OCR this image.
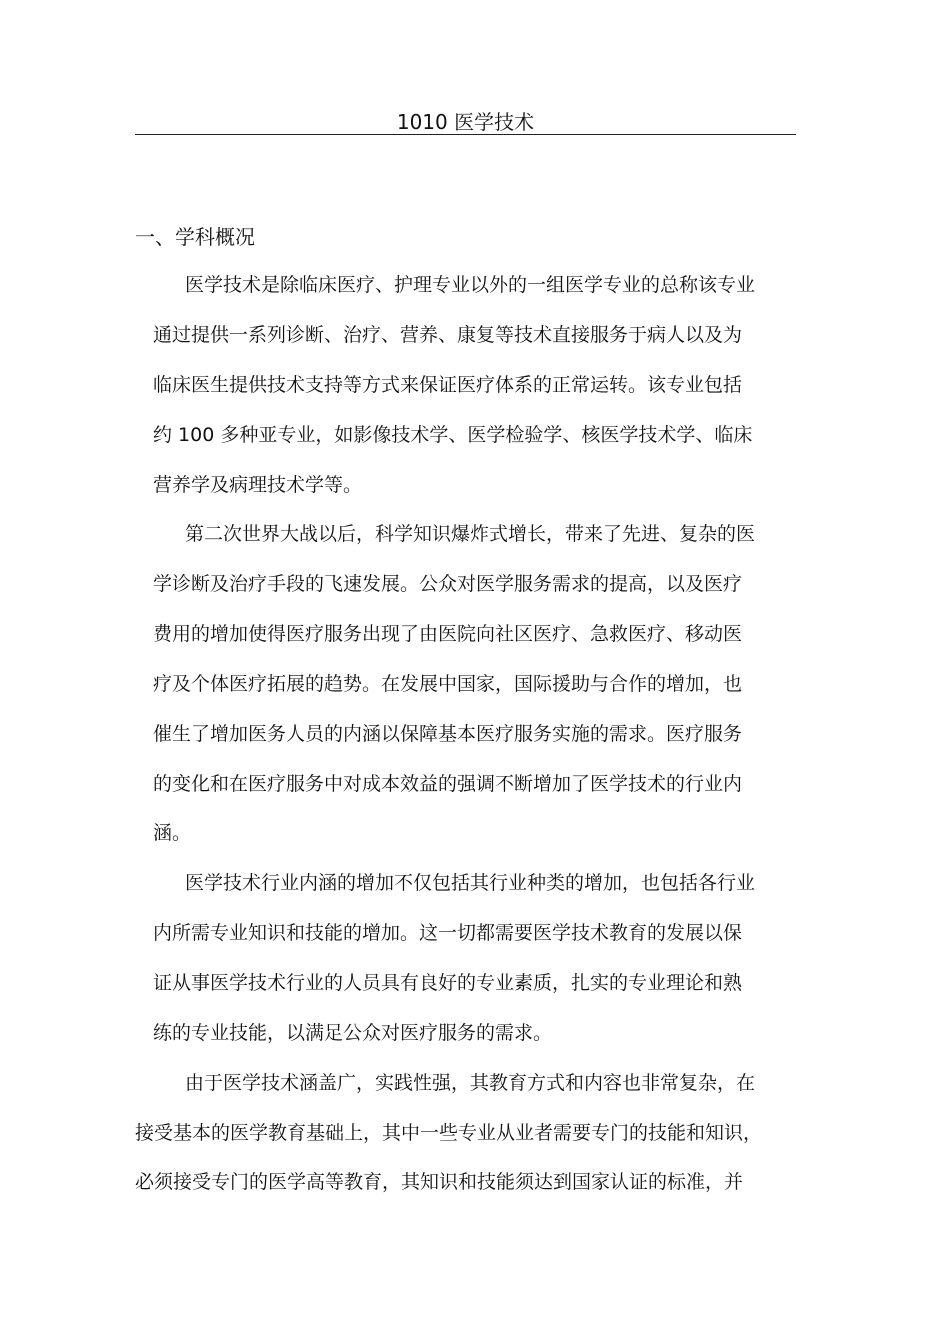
1010 医学技术
一、学科概况
医学技术是除临床医疗、护理专业以外的一组医学专业的总称该专业
通过提供一系列诊断、治疗、营养、康复等技术直接服务于病人以及为
临床医生提供技术支持等方式来保证医疗体系的正常运转。该专业包括
约 100 多种亚专业，如影像技术学、医学检验学、核医学技术学、临床
营养学及病理技术学等。
第二次世界大战以后，科学知识爆炸式增长，带来了先进、复杂的医
学诊断及治疗手段的飞速发展。公众对医学服务需求的提高，以及医疗
费用的增加使得医疗服务出现了由医院向社区医疗、急救医疗、移动医
疗及个体医疗拓展的趋势。在发展中国家，国际援助与合作的增加，也
催生了增加医务人员的内涵以保障基本医疗服务实施的需求。医疗服务
的变化和在医疗服务中对成本效益的强调不断增加了医学技术的行业内
涵。
医学技术行业内涵的增加不仅包括其行业种类的增加，也包括各行业
内所需专业知识和技能的增加。这一切都需要医学技术教育的发展以保
证从事医学技术行业的人员具有良好的专业素质，扎实的专业理论和熟
练的专业技能，以满足公众对医疗服务的需求。
由于医学技术涵盖广，实践性强，其教育方式和内容也非常复杂，在
接受基本的医学教育基础上，其中一些专业从业者需要专门的技能和知识，
必须接受专门的医学高等教育，其知识和技能须达到国家认证的标准，并
